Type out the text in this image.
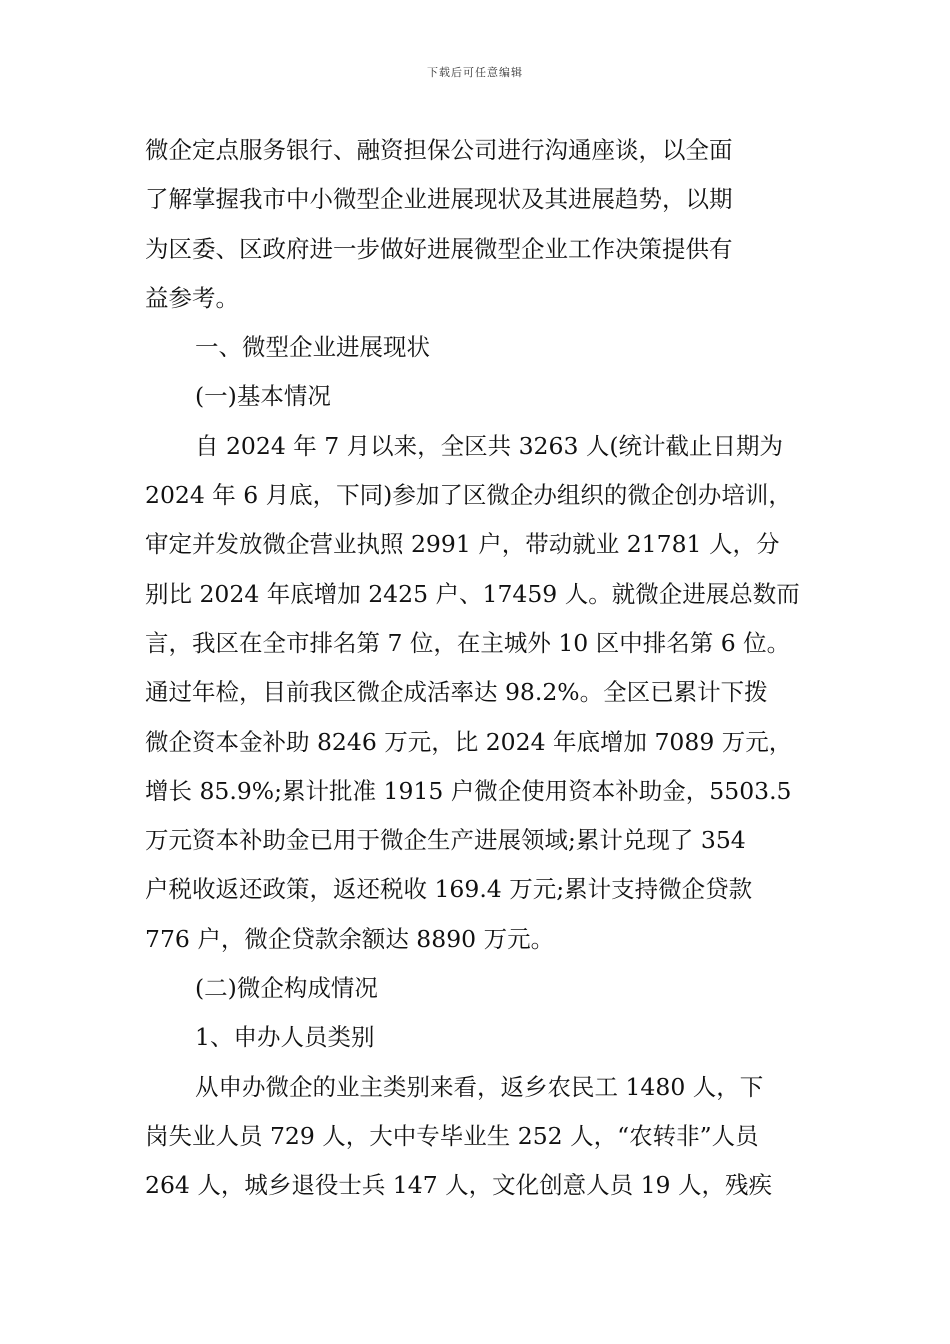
下载后可任意编辑

微企定点服务银行、融资担保公司进行沟通座谈，以全面

了解掌握我市中小微型企业进展现状及其进展趋势，以期

为区委、区政府进一步做好进展微型企业工作决策提供有

益参考。

一、微型企业进展现状

(一)基本情况

自 2024 年 7 月以来，全区共 3263 人(统计截止日期为

2024 年 6 月底，下同)参加了区微企办组织的微企创办培训，

审定并发放微企营业执照 2991 户，带动就业 21781 人，分

别比 2024 年底增加 2425 户、17459 人。就微企进展总数而

言，我区在全市排名第 7 位，在主城外 10 区中排名第 6 位。

通过年检，目前我区微企成活率达 98.2%。全区已累计下拨

微企资本金补助 8246 万元，比 2024 年底增加 7089 万元，

增长 85.9%;累计批准 1915 户微企使用资本补助金，5503.5

万元资本补助金已用于微企生产进展领域;累计兑现了 354

户税收返还政策，返还税收 169.4 万元;累计支持微企贷款

776 户，微企贷款余额达 8890 万元。

(二)微企构成情况

1、申办人员类别

从申办微企的业主类别来看，返乡农民工 1480 人，下

岗失业人员 729 人，大中专毕业生 252 人，“农转非”人员

264 人，城乡退役士兵 147 人，文化创意人员 19 人，残疾
